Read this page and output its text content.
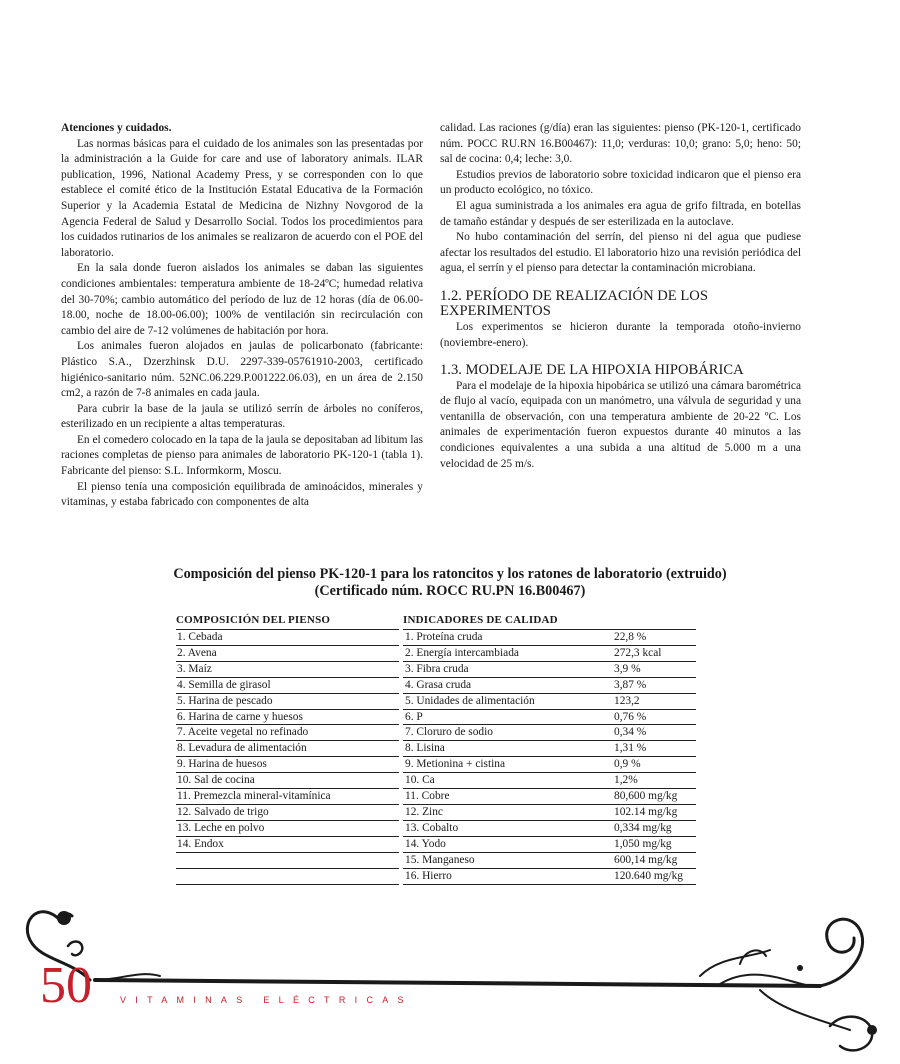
Atenciones y cuidados.

Las normas básicas para el cuidado de los animales son las presentadas por la administración a la Guide for care and use of laboratory animals. ILAR publication, 1996, National Academy Press, y se corresponden con lo que establece el comité ético de la Institución Estatal Educativa de la Formación Superior y la Academia Estatal de Medicina de Nizhny Novgorod de la Agencia Federal de Salud y Desarrollo Social. Todos los procedimientos para los cuidados rutinarios de los animales se realizaron de acuerdo con el POE del laboratorio.

En la sala donde fueron aislados los animales se daban las siguientes condiciones ambientales: temperatura ambiente de 18-24ºC; humedad relativa del 30-70%; cambio automático del período de luz de 12 horas (día de 06.00-18.00, noche de 18.00-06.00); 100% de ventilación sin recirculación con cambio del aire de 7-12 volúmenes de habitación por hora.

Los animales fueron alojados en jaulas de policarbonato (fabricante: Plástico S.A., Dzerzhinsk D.U. 2297-339-05761910-2003, certificado higiénico-sanitario núm. 52NC.06.229.P.001222.06.03), en un área de 2.150 cm2, a razón de 7-8 animales en cada jaula.

Para cubrir la base de la jaula se utilizó serrín de árboles no coníferos, esterilizado en un recipiente a altas temperaturas.

En el comedero colocado en la tapa de la jaula se depositaban ad libitum las raciones completas de pienso para animales de laboratorio PK-120-1 (tabla 1). Fabricante del pienso: S.L. Informkorm, Moscu.

El pienso tenía una composición equilibrada de aminoácidos, minerales y vitaminas, y estaba fabricado con componentes de alta

calidad. Las raciones (g/día) eran las siguientes: pienso (PK-120-1, certificado núm. POCC RU.RN 16.B00467): 11,0; verduras: 10,0; grano: 5,0; heno: 50; sal de cocina: 0,4; leche: 3,0.

Estudios previos de laboratorio sobre toxicidad indicaron que el pienso era un producto ecológico, no tóxico.

El agua suministrada a los animales era agua de grifo filtrada, en botellas de tamaño estándar y después de ser esterilizada en la autoclave.

No hubo contaminación del serrín, del pienso ni del agua que pudiese afectar los resultados del estudio. El laboratorio hizo una revisión periódica del agua, el serrín y el pienso para detectar la contaminación microbiana.

1.2. PERÍODO DE REALIZACIÓN DE LOS EXPERIMENTOS

Los experimentos se hicieron durante la temporada otoño-invierno (noviembre-enero).

1.3. MODELAJE DE LA HIPOXIA HIPOBÁRICA

Para el modelaje de la hipoxia hipobárica se utilizó una cámara barométrica de flujo al vacío, equipada con un manómetro, una válvula de seguridad y una ventanilla de observación, con una temperatura ambiente de 20-22 ºC. Los animales de experimentación fueron expuestos durante 40 minutos a las condiciones equivalentes a una subida a una altitud de 5.000 m a una velocidad de 25 m/s.

Composición del pienso PK-120-1 para los ratoncitos y los ratones de laboratorio (extruido)
(Certificado núm. ROCC RU.PN 16.B00467)
COMPOSICIÓN DEL PIENSO		INDICADORES DE CALIDAD	
1. Cebada		1. Proteína cruda	22,8 %
2. Avena		2. Energía intercambiada	272,3 kcal
3. Maíz		3. Fibra cruda	3,9 %
4. Semilla de girasol		4. Grasa cruda	3,87 %
5. Harina de pescado		5. Unidades de alimentación	123,2
6. Harina de carne y huesos		6. P	0,76 %
7. Aceite vegetal no refinado		7. Cloruro de sodio	0,34 %
8. Levadura de alimentación		8. Lisina	1,31 %
9. Harina de huesos		9. Metionina + cistina	0,9 %
10. Sal de cocina		10. Ca	1,2%
11. Premezcla mineral-vitamínica		11. Cobre	80,600 mg/kg
12. Salvado de trigo		12. Zinc	102.14 mg/kg
13. Leche en polvo		13. Cobalto	0,334 mg/kg
14. Endox		14. Yodo	1,050 mg/kg
		15. Manganeso	600,14 mg/kg
		16. Hierro	120.640 mg/kg
50	VITAMINAS ELÉCTRICAS
